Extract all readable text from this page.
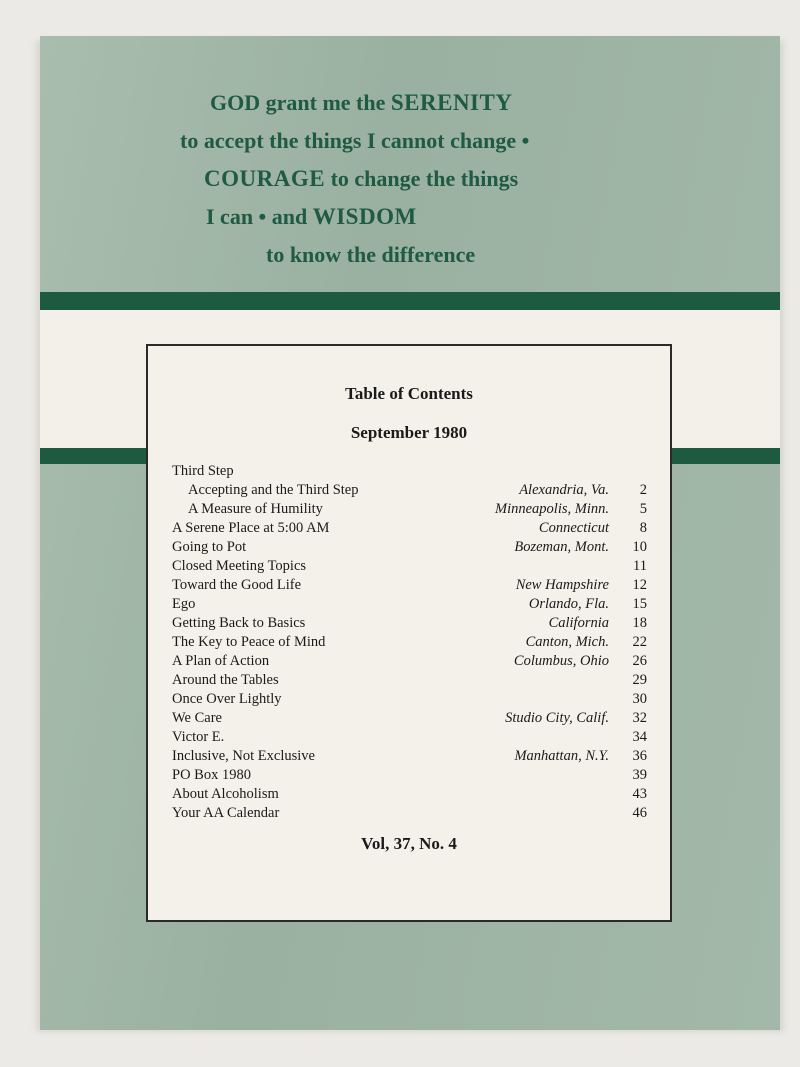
GOD grant me the SERENITY
to accept the things I cannot change •
COURAGE to change the things
I can • and WISDOM
to know the difference
Table of Contents
September 1980
Third Step
Accepting and the Third Step	Alexandria, Va.	2
A Measure of Humility	Minneapolis, Minn.	5
A Serene Place at 5:00 AM	Connecticut	8
Going to Pot	Bozeman, Mont.	10
Closed Meeting Topics	11
Toward the Good Life	New Hampshire	12
Ego	Orlando, Fla.	15
Getting Back to Basics	California	18
The Key to Peace of Mind	Canton, Mich.	22
A Plan of Action	Columbus, Ohio	26
Around the Tables	29
Once Over Lightly	30
We Care	Studio City, Calif.	32
Victor E.	34
Inclusive, Not Exclusive	Manhattan, N.Y.	36
PO Box 1980	39
About Alcoholism	43
Your AA Calendar	46
Vol, 37, No. 4
